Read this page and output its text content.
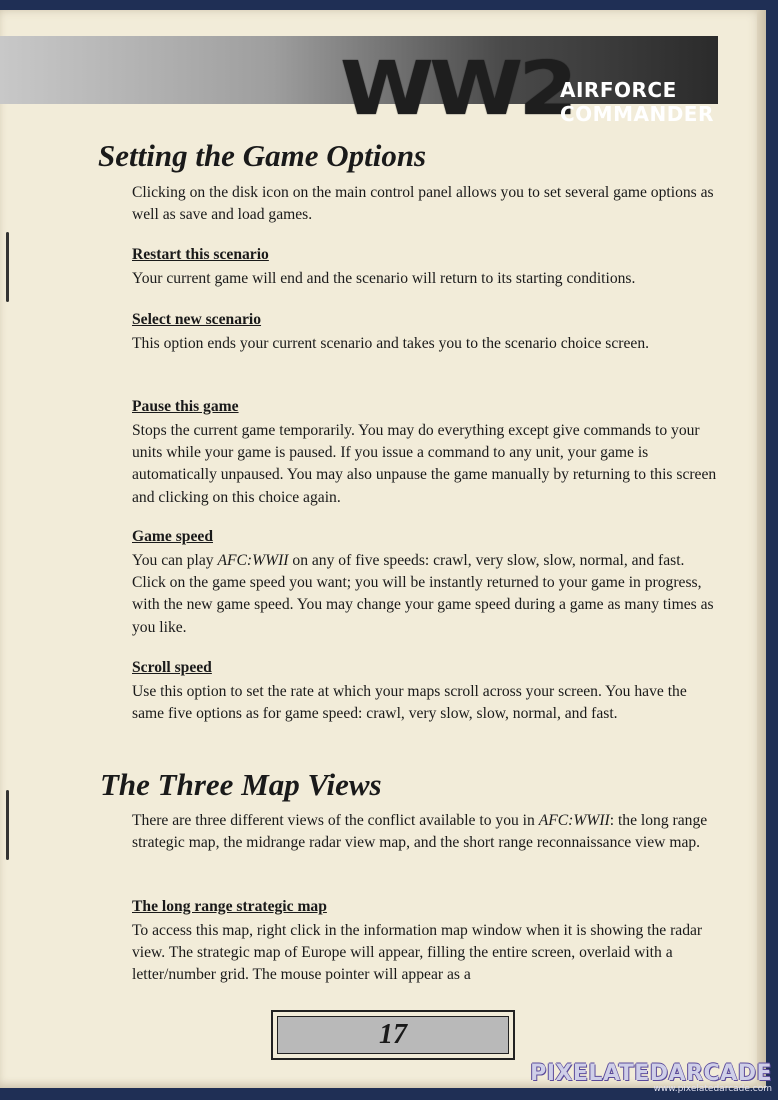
WW2
AIRFORCE
COMMANDER
Setting the Game Options

Clicking on the disk icon on the main control panel allows you to set several game options as well as save and load games.

Restart this scenario

Your current game will end and the scenario will return to its starting conditions.

Select new scenario

This option ends your current scenario and takes you to the scenario choice screen.

Pause this game

Stops the current game temporarily. You may do everything except give commands to your units while your game is paused. If you issue a command to any unit, your game is automatically unpaused. You may also unpause the game manually by returning to this screen and clicking on this choice again.

Game speed

You can play AFC:WWII on any of five speeds: crawl, very slow, slow, normal, and fast. Click on the game speed you want; you will be instantly returned to your game in progress, with the new game speed. You may change your game speed during a game as many times as you like.

Scroll speed

Use this option to set the rate at which your maps scroll across your screen. You have the same five options as for game speed: crawl, very slow, slow, normal, and fast.

The Three Map Views

There are three different views of the conflict available to you in AFC:WWII: the long range strategic map, the midrange radar view map, and the short range reconnaissance view map.

The long range strategic map

To access this map, right click in the information map window when it is showing the radar view. The strategic map of Europe will appear, filling the entire screen, overlaid with a letter/number grid. The mouse pointer will appear as a

17
PIXELATEDARCADE
www.pixelatedarcade.com
